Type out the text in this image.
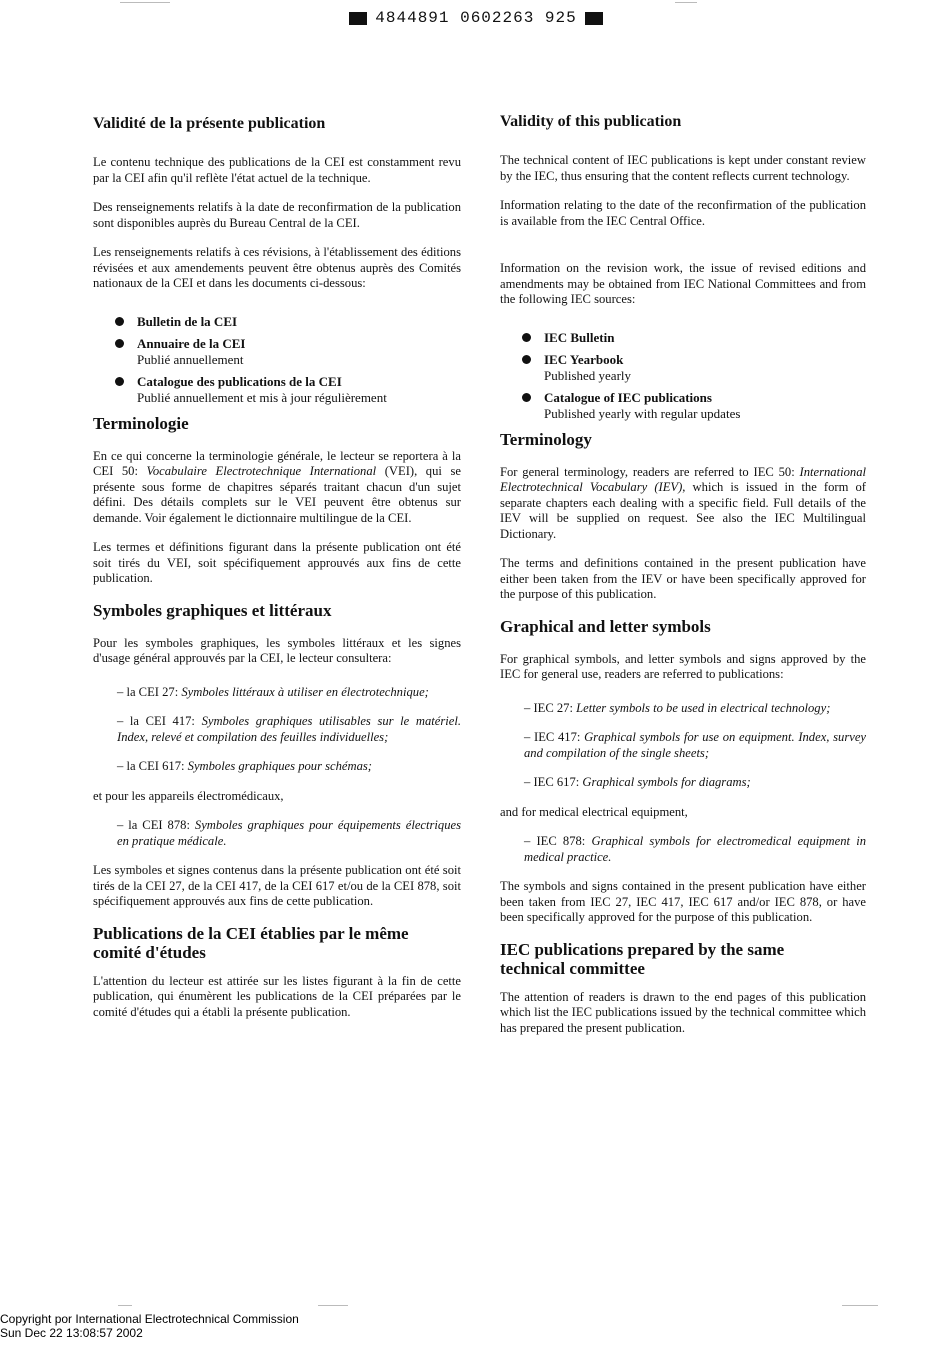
4844891 0602263 925
Validité de la présente publication

Le contenu technique des publications de la CEI est constamment revu par la CEI afin qu'il reflète l'état actuel de la technique.

Des renseignements relatifs à la date de reconfirmation de la publication sont disponibles auprès du Bureau Central de la CEI.

Les renseignements relatifs à ces révisions, à l'établissement des éditions révisées et aux amendements peuvent être obtenus auprès des Comités nationaux de la CEI et dans les documents ci-dessous:

Bulletin de la CEI
Annuaire de la CEI
Publié annuellement
Catalogue des publications de la CEI
Publié annuellement et mis à jour régulièrement
Terminologie

En ce qui concerne la terminologie générale, le lecteur se reportera à la CEI 50: Vocabulaire Electrotechnique International (VEI), qui se présente sous forme de chapitres séparés traitant chacun d'un sujet défini. Des détails complets sur le VEI peuvent être obtenus sur demande. Voir également le dictionnaire multilingue de la CEI.

Les termes et définitions figurant dans la présente publication ont été soit tirés du VEI, soit spécifiquement approuvés aux fins de cette publication.

Symboles graphiques et littéraux

Pour les symboles graphiques, les symboles littéraux et les signes d'usage général approuvés par la CEI, le lecteur consultera:

– la CEI 27: Symboles littéraux à utiliser en électrotechnique;
– la CEI 417: Symboles graphiques utilisables sur le matériel. Index, relevé et compilation des feuilles individuelles;
– la CEI 617: Symboles graphiques pour schémas;
et pour les appareils électromédicaux,
– la CEI 878: Symboles graphiques pour équipements électriques en pratique médicale.

Les symboles et signes contenus dans la présente publication ont été soit tirés de la CEI 27, de la CEI 417, de la CEI 617 et/ou de la CEI 878, soit spécifiquement approuvés aux fins de cette publication.

Publications de la CEI établies par le même comité d'études

L'attention du lecteur est attirée sur les listes figurant à la fin de cette publication, qui énumèrent les publications de la CEI préparées par le comité d'études qui a établi la présente publication.

Validity of this publication

The technical content of IEC publications is kept under constant review by the IEC, thus ensuring that the content reflects current technology.

Information relating to the date of the reconfirmation of the publication is available from the IEC Central Office.

Information on the revision work, the issue of revised editions and amendments may be obtained from IEC National Committees and from the following IEC sources:

IEC Bulletin
IEC Yearbook
Published yearly
Catalogue of IEC publications
Published yearly with regular updates
Terminology

For general terminology, readers are referred to IEC 50: International Electrotechnical Vocabulary (IEV), which is issued in the form of separate chapters each dealing with a specific field. Full details of the IEV will be supplied on request. See also the IEC Multilingual Dictionary.

The terms and definitions contained in the present publication have either been taken from the IEV or have been specifically approved for the purpose of this publication.

Graphical and letter symbols

For graphical symbols, and letter symbols and signs approved by the IEC for general use, readers are referred to publications:

– IEC 27: Letter symbols to be used in electrical technology;
– IEC 417: Graphical symbols for use on equipment. Index, survey and compilation of the single sheets;
– IEC 617: Graphical symbols for diagrams;
and for medical electrical equipment,
– IEC 878: Graphical symbols for electromedical equipment in medical practice.

The symbols and signs contained in the present publication have either been taken from IEC 27, IEC 417, IEC 617 and/or IEC 878, or have been specifically approved for the purpose of this publication.

IEC publications prepared by the same technical committee

The attention of readers is drawn to the end pages of this publication which list the IEC publications issued by the technical committee which has prepared the present publication.

Copyright por International Electrotechnical Commission
Sun Dec 22 13:08:57 2002
